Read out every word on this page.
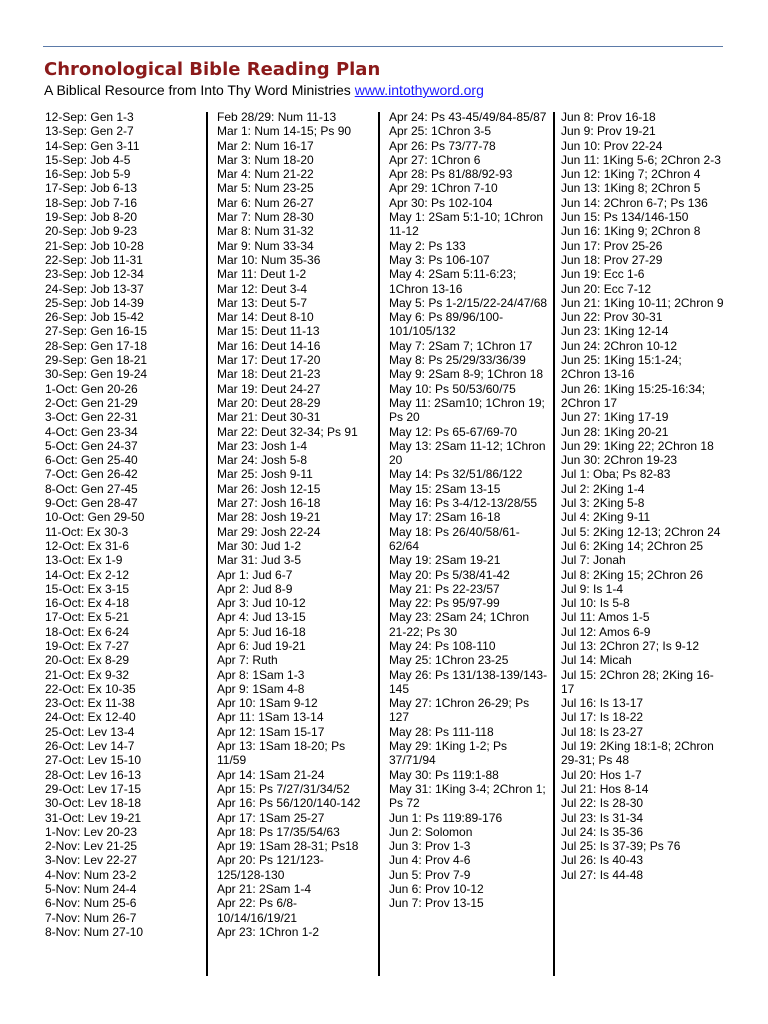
Chronological Bible Reading Plan

A Biblical Resource from Into Thy Word Ministries www.intothyword.org

12-Sep: Gen 1-3
13-Sep: Gen 2-7
14-Sep: Gen 3-11
15-Sep: Job 4-5
16-Sep: Job 5-9
17-Sep: Job 6-13
18-Sep: Job 7-16
19-Sep: Job 8-20
20-Sep: Job 9-23
21-Sep: Job 10-28
22-Sep: Job 11-31
23-Sep: Job 12-34
24-Sep: Job 13-37
25-Sep: Job 14-39
26-Sep: Job 15-42
27-Sep: Gen 16-15
28-Sep: Gen 17-18
29-Sep: Gen 18-21
30-Sep: Gen 19-24
1-Oct: Gen 20-26
2-Oct: Gen 21-29
3-Oct: Gen 22-31
4-Oct: Gen 23-34
5-Oct: Gen 24-37
6-Oct: Gen 25-40
7-Oct: Gen 26-42
8-Oct: Gen 27-45
9-Oct: Gen 28-47
10-Oct: Gen 29-50
11-Oct: Ex 30-3
12-Oct: Ex 31-6
13-Oct: Ex 1-9
14-Oct: Ex 2-12
15-Oct: Ex 3-15
16-Oct: Ex 4-18
17-Oct: Ex 5-21
18-Oct: Ex 6-24
19-Oct: Ex 7-27
20-Oct: Ex 8-29
21-Oct: Ex 9-32
22-Oct: Ex 10-35
23-Oct: Ex 11-38
24-Oct: Ex 12-40
25-Oct: Lev 13-4
26-Oct: Lev 14-7
27-Oct: Lev 15-10
28-Oct: Lev 16-13
29-Oct: Lev 17-15
30-Oct: Lev 18-18
31-Oct: Lev 19-21
1-Nov: Lev 20-23
2-Nov: Lev 21-25
3-Nov: Lev 22-27
4-Nov: Num 23-2
5-Nov: Num 24-4
6-Nov: Num 25-6
7-Nov: Num 26-7
8-Nov: Num 27-10
Feb 28/29: Num 11-13
Mar 1: Num 14-15; Ps 90
Mar 2: Num 16-17
Mar 3: Num 18-20
Mar 4: Num 21-22
Mar 5: Num 23-25
Mar 6: Num 26-27
Mar 7: Num 28-30
Mar 8: Num 31-32
Mar 9: Num 33-34
Mar 10: Num 35-36
Mar 11: Deut 1-2
Mar 12: Deut 3-4
Mar 13: Deut 5-7
Mar 14: Deut 8-10
Mar 15: Deut 11-13
Mar 16: Deut 14-16
Mar 17: Deut 17-20
Mar 18: Deut 21-23
Mar 19: Deut 24-27
Mar 20: Deut 28-29
Mar 21: Deut 30-31
Mar 22: Deut 32-34; Ps 91
Mar 23: Josh 1-4
Mar 24: Josh 5-8
Mar 25: Josh 9-11
Mar 26: Josh 12-15
Mar 27: Josh 16-18
Mar 28: Josh 19-21
Mar 29: Josh 22-24
Mar 30: Jud 1-2
Mar 31: Jud 3-5
Apr 1: Jud 6-7
Apr 2: Jud 8-9
Apr 3: Jud 10-12
Apr 4: Jud 13-15
Apr 5: Jud 16-18
Apr 6: Jud 19-21
Apr 7: Ruth
Apr 8: 1Sam 1-3
Apr 9: 1Sam 4-8
Apr 10: 1Sam 9-12
Apr 11: 1Sam 13-14
Apr 12: 1Sam 15-17
Apr 13: 1Sam 18-20; Ps 11/59
Apr 14: 1Sam 21-24
Apr 15: Ps 7/27/31/34/52
Apr 16: Ps 56/120/140-142
Apr 17: 1Sam 25-27
Apr 18: Ps 17/35/54/63
Apr 19: 1Sam 28-31; Ps18
Apr 20: Ps 121/123-125/128-130
Apr 21: 2Sam 1-4
Apr 22: Ps 6/8-10/14/16/19/21
Apr 23: 1Chron 1-2
Apr 24: Ps 43-45/49/84-85/87
Apr 25: 1Chron 3-5
Apr 26: Ps 73/77-78
Apr 27: 1Chron 6
Apr 28: Ps 81/88/92-93
Apr 29: 1Chron 7-10
Apr 30: Ps 102-104
May 1: 2Sam 5:1-10; 1Chron 11-12
May 2: Ps 133
May 3: Ps 106-107
May 4: 2Sam 5:11-6:23; 1Chron 13-16
May 5: Ps 1-2/15/22-24/47/68
May 6: Ps 89/96/100-101/105/132
May 7: 2Sam 7; 1Chron 17
May 8: Ps 25/29/33/36/39
May 9: 2Sam 8-9; 1Chron 18
May 10: Ps 50/53/60/75
May 11: 2Sam10; 1Chron 19; Ps 20
May 12: Ps 65-67/69-70
May 13: 2Sam 11-12; 1Chron 20
May 14: Ps 32/51/86/122
May 15: 2Sam 13-15
May 16: Ps 3-4/12-13/28/55
May 17: 2Sam 16-18
May 18: Ps 26/40/58/61-62/64
May 19: 2Sam 19-21
May 20: Ps 5/38/41-42
May 21: Ps 22-23/57
May 22: Ps 95/97-99
May 23: 2Sam 24; 1Chron 21-22; Ps 30
May 24: Ps 108-110
May 25: 1Chron 23-25
May 26: Ps 131/138-139/143-145
May 27: 1Chron 26-29; Ps 127
May 28: Ps 111-118
May 29: 1King 1-2; Ps 37/71/94
May 30: Ps 119:1-88
May 31: 1King 3-4; 2Chron 1; Ps 72
Jun 1: Ps 119:89-176
Jun 2: Solomon
Jun 3: Prov 1-3
Jun 4: Prov 4-6
Jun 5: Prov 7-9
Jun 6: Prov 10-12
Jun 7: Prov 13-15
Jun 8: Prov 16-18
Jun 9: Prov 19-21
Jun 10: Prov 22-24
Jun 11: 1King 5-6; 2Chron 2-3
Jun 12: 1King 7; 2Chron 4
Jun 13: 1King 8; 2Chron 5
Jun 14: 2Chron 6-7; Ps 136
Jun 15: Ps 134/146-150
Jun 16: 1King 9; 2Chron 8
Jun 17: Prov 25-26
Jun 18: Prov 27-29
Jun 19: Ecc 1-6
Jun 20: Ecc 7-12
Jun 21: 1King 10-11; 2Chron 9
Jun 22: Prov 30-31
Jun 23: 1King 12-14
Jun 24: 2Chron 10-12
Jun 25: 1King 15:1-24; 2Chron 13-16
Jun 26: 1King 15:25-16:34; 2Chron 17
Jun 27: 1King 17-19
Jun 28: 1King 20-21
Jun 29: 1King 22; 2Chron 18
Jun 30: 2Chron 19-23
Jul 1: Oba; Ps 82-83
Jul 2: 2King 1-4
Jul 3: 2King 5-8
Jul 4: 2King 9-11
Jul 5: 2King 12-13; 2Chron 24
Jul 6: 2King 14; 2Chron 25
Jul 7: Jonah
Jul 8: 2King 15; 2Chron 26
Jul 9: Is 1-4
Jul 10: Is 5-8
Jul 11: Amos 1-5
Jul 12: Amos 6-9
Jul 13: 2Chron 27; Is 9-12
Jul 14: Micah
Jul 15: 2Chron 28; 2King 16-17
Jul 16: Is 13-17
Jul 17: Is 18-22
Jul 18: Is 23-27
Jul 19: 2King 18:1-8; 2Chron 29-31; Ps 48
Jul 20: Hos 1-7
Jul 21: Hos 8-14
Jul 22: Is 28-30
Jul 23: Is 31-34
Jul 24: Is 35-36
Jul 25: Is 37-39; Ps 76
Jul 26: Is 40-43
Jul 27: Is 44-48
